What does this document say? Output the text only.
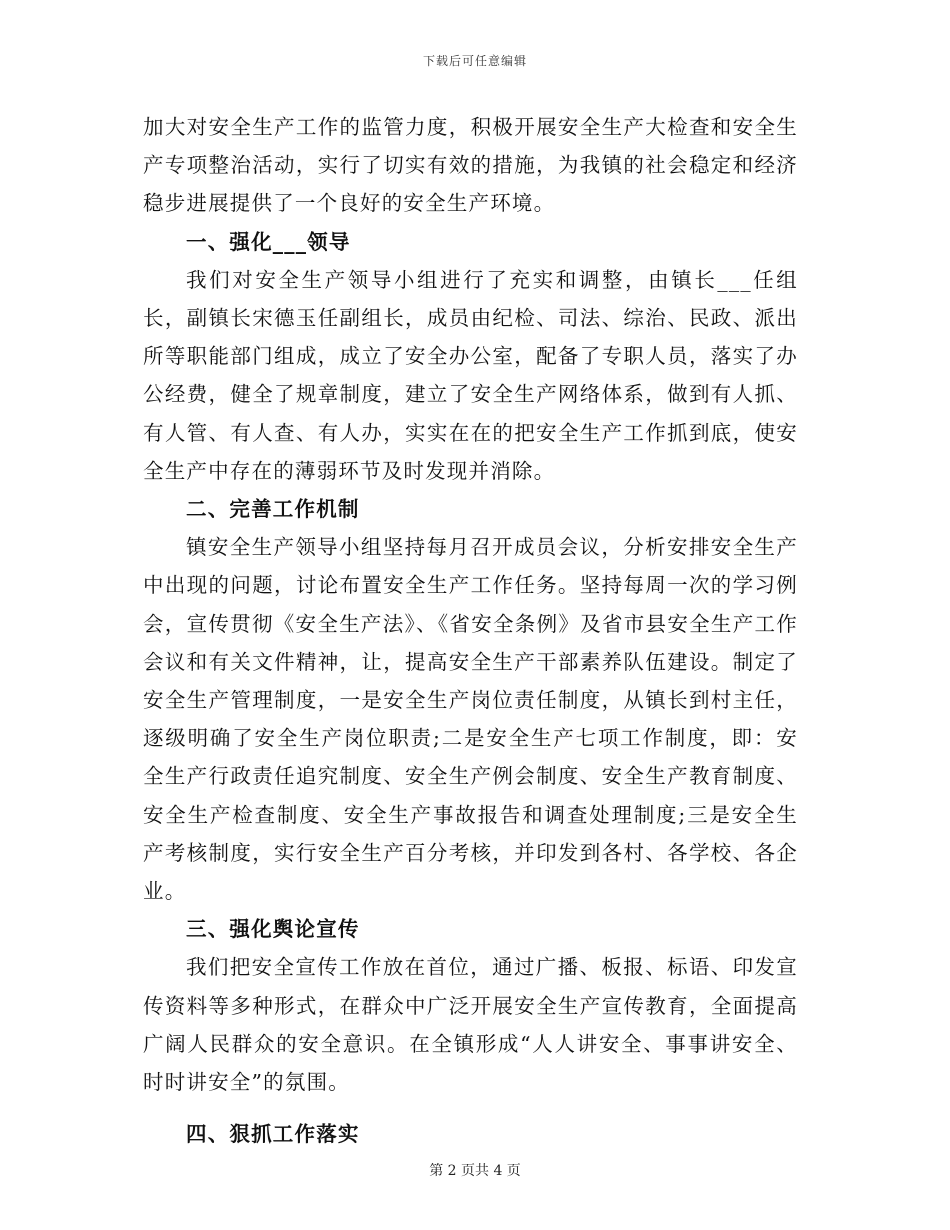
下载后可任意编辑

加大对安全生产工作的监管力度，积极开展安全生产大检查和安全生产专项整治活动，实行了切实有效的措施，为我镇的社会稳定和经济稳步进展提供了一个良好的安全生产环境。

一、强化___领导

我们对安全生产领导小组进行了充实和调整，由镇长___任组长，副镇长宋德玉任副组长，成员由纪检、司法、综治、民政、派出所等职能部门组成，成立了安全办公室，配备了专职人员，落实了办公经费，健全了规章制度，建立了安全生产网络体系，做到有人抓、有人管、有人查、有人办，实实在在的把安全生产工作抓到底，使安全生产中存在的薄弱环节及时发现并消除。

二、完善工作机制

镇安全生产领导小组坚持每月召开成员会议，分析安排安全生产中出现的问题，讨论布置安全生产工作任务。坚持每周一次的学习例会，宣传贯彻《安全生产法》、《省安全条例》及省市县安全生产工作会议和有关文件精神，让，提高安全生产干部素养队伍建设。制定了安全生产管理制度，一是安全生产岗位责任制度，从镇长到村主任，逐级明确了安全生产岗位职责;二是安全生产七项工作制度，即：安全生产行政责任追究制度、安全生产例会制度、安全生产教育制度、安全生产检查制度、安全生产事故报告和调查处理制度;三是安全生产考核制度，实行安全生产百分考核，并印发到各村、各学校、各企业。

三、强化舆论宣传

我们把安全宣传工作放在首位，通过广播、板报、标语、印发宣传资料等多种形式，在群众中广泛开展安全生产宣传教育，全面提高广阔人民群众的安全意识。在全镇形成“人人讲安全、事事讲安全、时时讲安全”的氛围。

四、狠抓工作落实
第 2 页共 4 页
